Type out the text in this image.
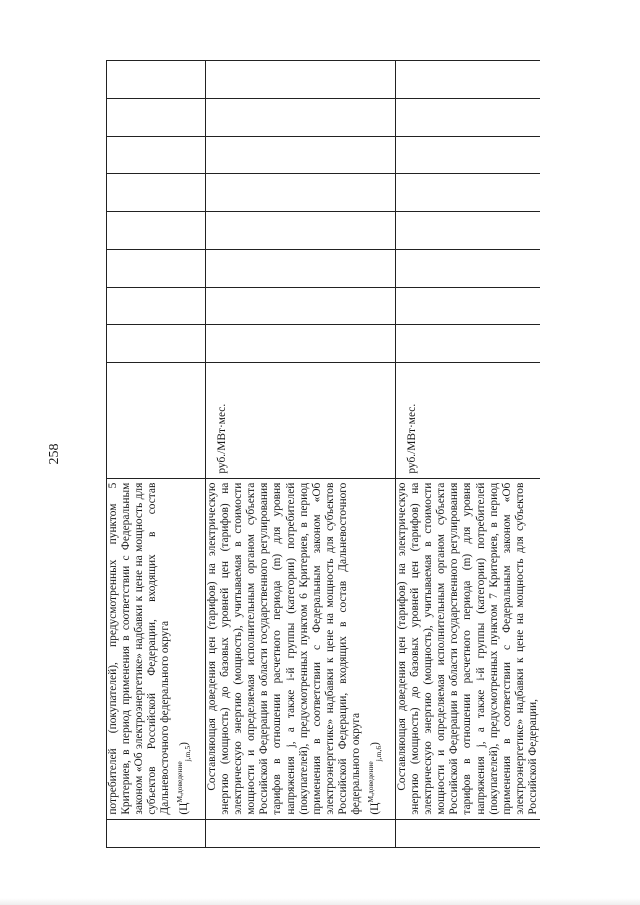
258

	потребителей (покупателей), предусмотренных пунктом 5 Критериев, в период применения в соответствии с Федеральным законом «Об электроэнергетике» надбавки к цене на мощность для субъектов Российской Федерации, входящих в состав Дальневосточного федерального округа $(Ц^{М,доведение}_{j,m,5})$									

	Составляющая доведения цен (тарифов) на электрическую энергию (мощность) до базовых уровней цен (тарифов) на электрическую энергию (мощность), учитываемая в стоимости мощности и определяемая исполнительным органом субъекта Российской Федерации в области государственного регулирования тарифов в отношении расчетного периода (m) для уровня напряжения j, а также i-й группы (категории) потребителей (покупателей), предусмотренных пунктом 6 Критериев, в период применения в соответствии с Федеральным законом «Об электроэнергетике» надбавки к цене на мощность для субъектов Российской Федерации, входящих в состав Дальневосточного федерального округа $(Ц^{М,доведение}_{j,m,6})$	руб./МВт·мес.								

	Составляющая доведения цен (тарифов) на электрическую энергию (мощность) до базовых уровней цен (тарифов) на электрическую энергию (мощность), учитываемая в стоимости мощности и определяемая исполнительным органом субъекта Российской Федерации в области государственного регулирования тарифов в отношении расчетного периода (m) для уровня напряжения j, а также i-й группы (категории) потребителей (покупателей), предусмотренных пунктом 7 Критериев, в период применения в соответствии с Федеральным законом «Об электроэнергетике» надбавки к цене на мощность для субъектов Российской Федерации,	руб./МВт·мес.								
